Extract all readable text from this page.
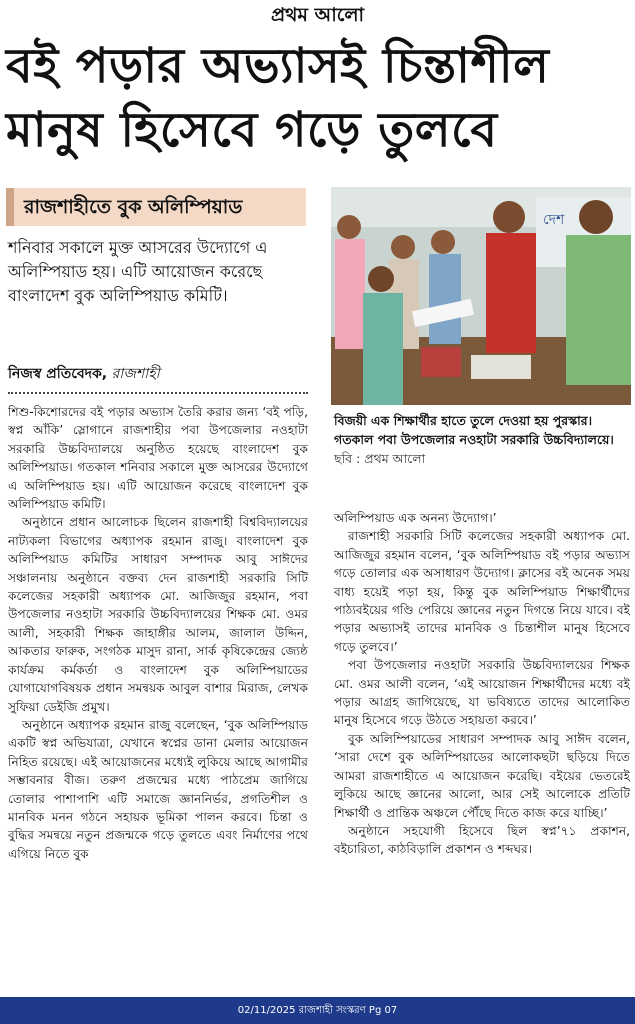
প্রথম আলো
বই পড়ার অভ্যাসই চিন্তাশীল
মানুষ হিসেবে গড়ে তুলবে
রাজশাহীতে বুক অলিম্পিয়াড
শনিবার সকালে মুক্ত আসরের উদ্যোগে এ অলিম্পিয়াড হয়। এটি আয়োজন করেছে বাংলাদেশ বুক অলিম্পিয়াড কমিটি।
নিজস্ব প্রতিবেদক, রাজশাহী
দেশ
বিজয়ী এক শিক্ষার্থীর হাতে তুলে দেওয়া হয় পুরস্কার। গতকাল পবা উপজেলার নওহাটা সরকারি উচ্চবিদ্যালয়ে। ছবি : প্রথম আলো

শিশু-কিশোরদের বই পড়ার অভ্যাস তৈরি করার জন্য ‘বই পড়ি, স্বপ্ন আঁকি’ স্লোগানে রাজশাহীর পবা উপজেলার নওহাটা সরকারি উচ্চবিদ্যালয়ে অনুষ্ঠিত হয়েছে বাংলাদেশ বুক অলিম্পিয়াড। গতকাল শনিবার সকালে মুক্ত আসরের উদ্যোগে এ অলিম্পিয়াড হয়। এটি আয়োজন করেছে বাংলাদেশ বুক অলিম্পিয়াড কমিটি।

অনুষ্ঠানে প্রধান আলোচক ছিলেন রাজশাহী বিশ্ববিদ্যালয়ের নাট্যকলা বিভাগের অধ্যাপক রহমান রাজু। বাংলাদেশ বুক অলিম্পিয়াড কমিটির সাধারণ সম্পাদক আবু সাঈদের সঞ্চালনায় অনুষ্ঠানে বক্তব্য দেন রাজশাহী সরকারি সিটি কলেজের সহকারী অধ্যাপক মো. আজিজুর রহমান, পবা উপজেলার নওহাটা সরকারি উচ্চবিদ্যালয়ের শিক্ষক মো. ওমর আলী, সহকারী শিক্ষক জাহাঙ্গীর আলম, জালাল উদ্দিন, আকতার ফারুক, সংগঠক মাসুদ রানা, সার্ক কৃষিকেন্দ্রের জ্যেষ্ঠ কার্যক্রম কর্মকর্তা ও বাংলাদেশ বুক অলিম্পিয়াডের যোগাযোগবিষয়ক প্রধান সমন্বয়ক আবুল বাশার মিরাজ, লেখক সুফিয়া ডেইজি প্রমুখ।

অনুষ্ঠানে অধ্যাপক রহমান রাজু বলেছেন, ‘বুক অলিম্পিয়াড একটি স্বপ্ন অভিযাত্রা, যেখানে স্বপ্নের ডানা মেলার আয়োজন নিহিত রয়েছে। এই আয়োজনের মধ্যেই লুকিয়ে আছে আগামীর সম্ভাবনার বীজ। তরুণ প্রজন্মের মধ্যে পাঠপ্রেম জাগিয়ে তোলার পাশাপাশি এটি সমাজে জ্ঞাননির্ভর, প্রগতিশীল ও মানবিক মনন গঠনে সহায়ক ভূমিকা পালন করবে। চিন্তা ও বুদ্ধির সমন্বয়ে নতুন প্রজন্মকে গড়ে তুলতে এবং নির্মাণের পথে এগিয়ে নিতে বুক

অলিম্পিয়াড এক অনন্য উদ্যোগ।’

রাজশাহী সরকারি সিটি কলেজের সহকারী অধ্যাপক মো. আজিজুর রহমান বলেন, ‘বুক অলিম্পিয়াড বই পড়ার অভ্যাস গড়ে তোলার এক অসাধারণ উদ্যোগ। ক্লাসের বই অনেক সময় বাধ্য হয়েই পড়া হয়, কিন্তু বুক অলিম্পিয়াড শিক্ষার্থীদের পাঠ্যবইয়ের গণ্ডি পেরিয়ে জ্ঞানের নতুন দিগন্তে নিয়ে যাবে। বই পড়ার অভ্যাসই তাদের মানবিক ও চিন্তাশীল মানুষ হিসেবে গড়ে তুলবে।’

পবা উপজেলার নওহাটা সরকারি উচ্চবিদ্যালয়ের শিক্ষক মো. ওমর আলী বলেন, ‘এই আয়োজন শিক্ষার্থীদের মধ্যে বই পড়ার আগ্রহ জাগিয়েছে, যা ভবিষ্যতে তাদের আলোকিত মানুষ হিসেবে গড়ে উঠতে সহায়তা করবে।’

বুক অলিম্পিয়াডের সাধারণ সম্পাদক আবু সাঈদ বলেন, ‘সারা দেশে বুক অলিম্পিয়াডের আলোকছটা ছড়িয়ে দিতে আমরা রাজশাহীতে এ আয়োজন করেছি। বইয়ের ভেতরেই লুকিয়ে আছে জ্ঞানের আলো, আর সেই আলোকে প্রতিটি শিক্ষার্থী ও প্রান্তিক অঞ্চলে পৌঁছে দিতে কাজ করে যাচ্ছি।’

অনুষ্ঠানে সহযোগী হিসেবে ছিল স্বপ্ন’৭১ প্রকাশন, বইচারিতা, কাঠবিড়ালি প্রকাশন ও শব্দঘর।

02/11/2025 রাজশাহী সংস্করণ Pg 07
